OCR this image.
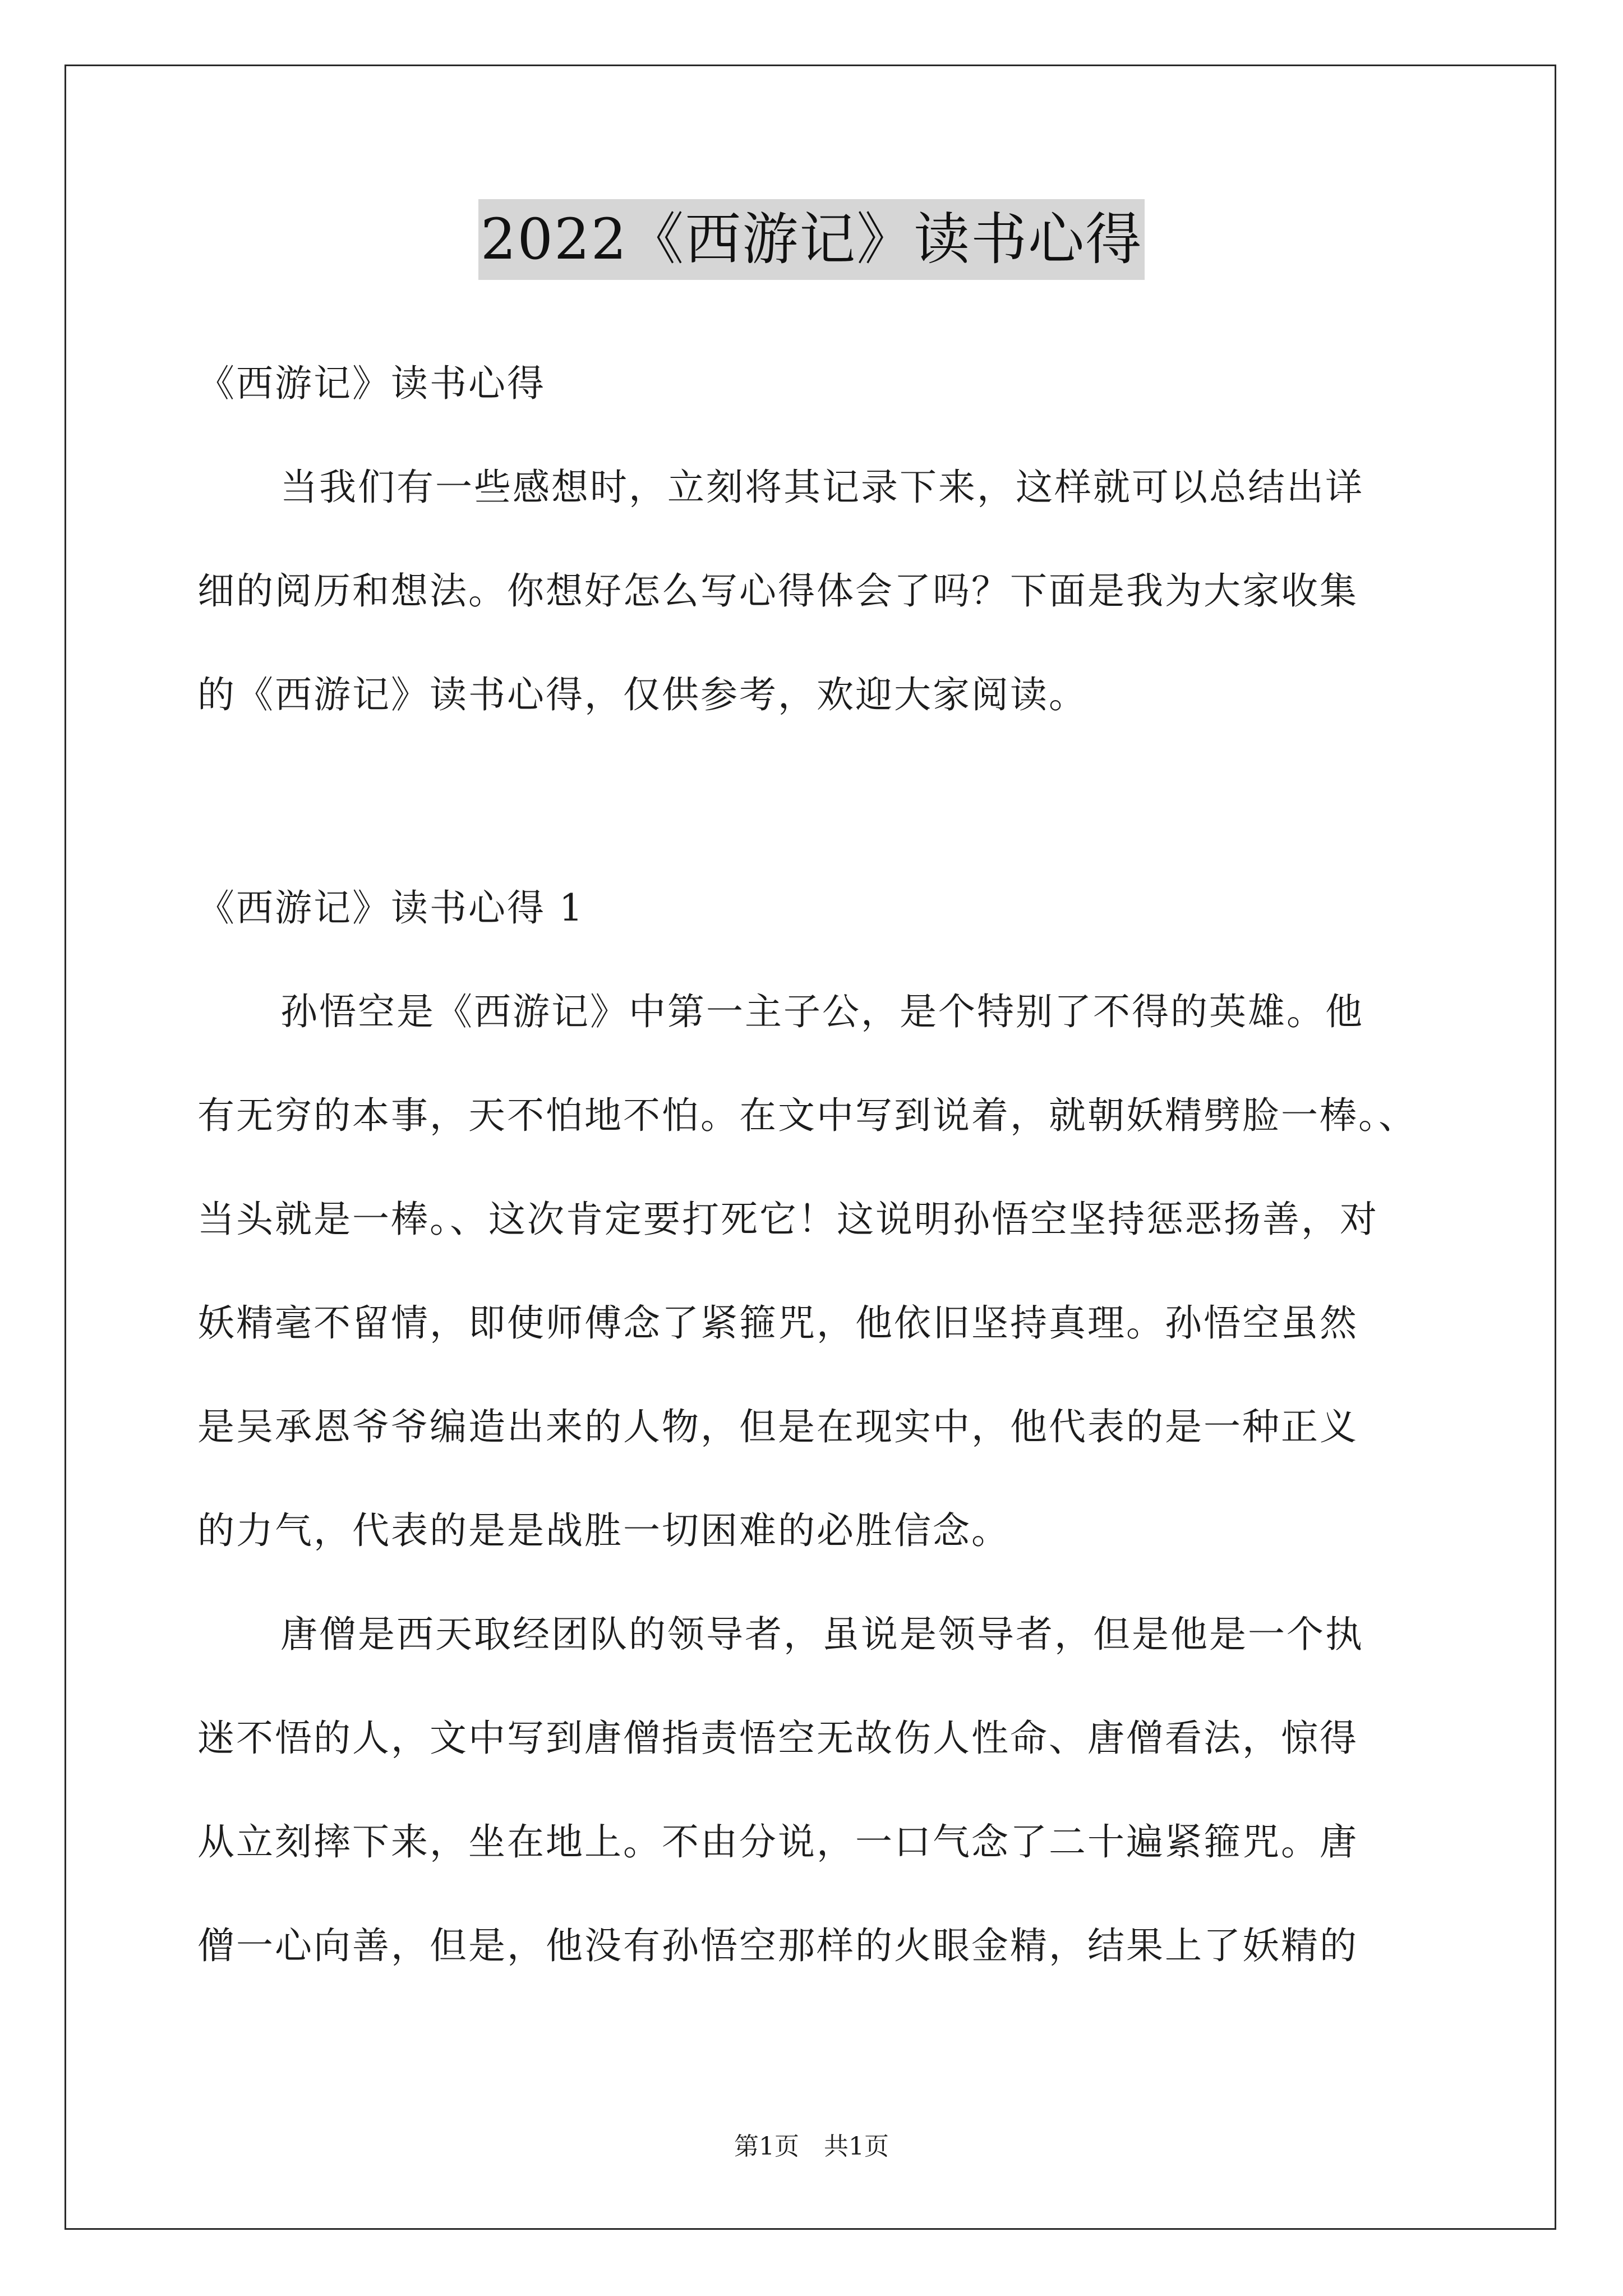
2022《西游记》读书心得
《西游记》读书心得
当我们有一些感想时，立刻将其记录下来，这样就可以总结出详
细的阅历和想法。你想好怎么写心得体会了吗？下面是我为大家收集
的《西游记》读书心得，仅供参考，欢迎大家阅读。
《西游记》读书心得 1
孙悟空是《西游记》中第一主子公，是个特别了不得的英雄。他
有无穷的本事，天不怕地不怕。在文中写到说着，就朝妖精劈脸一棒。、
当头就是一棒。、这次肯定要打死它！这说明孙悟空坚持惩恶扬善，对
妖精毫不留情，即使师傅念了紧箍咒，他依旧坚持真理。孙悟空虽然
是吴承恩爷爷编造出来的人物，但是在现实中，他代表的是一种正义
的力气，代表的是是战胜一切困难的必胜信念。
唐僧是西天取经团队的领导者，虽说是领导者，但是他是一个执
迷不悟的人，文中写到唐僧指责悟空无故伤人性命、唐僧看法，惊得
从立刻摔下来，坐在地上。不由分说，一口气念了二十遍紧箍咒。唐
僧一心向善，但是，他没有孙悟空那样的火眼金精，结果上了妖精的
第1页　共1页
